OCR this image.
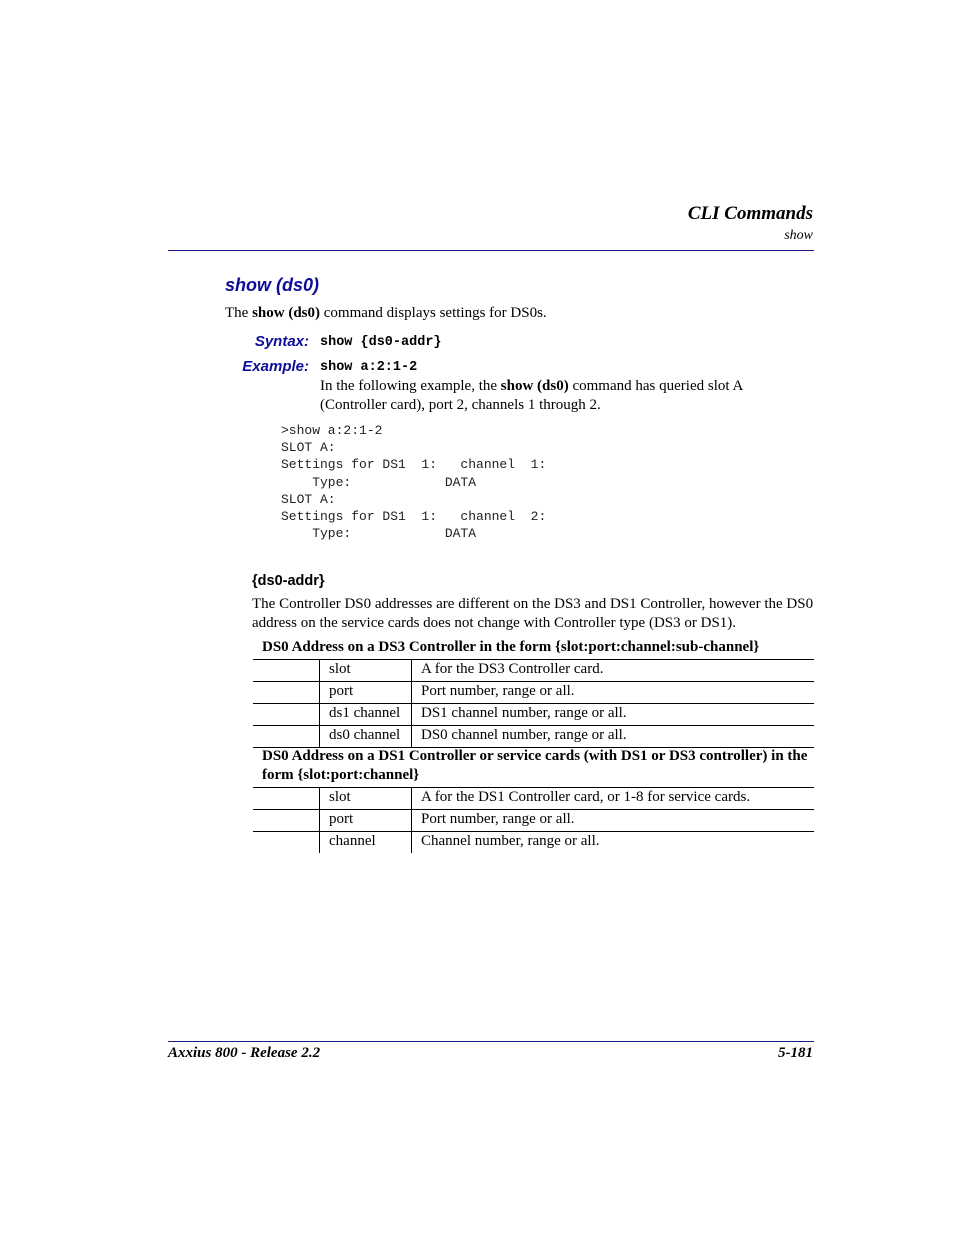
CLI Commands
show
show (ds0)
The show (ds0) command displays settings for DS0s.
Syntax: show {ds0-addr}
Example: show a:2:1-2
In the following example, the show (ds0) command has queried slot A (Controller card), port 2, channels 1 through 2.
>show a:2:1-2
SLOT A:
Settings for DS1  1:   channel  1:
Type:            DATA
SLOT A:
Settings for DS1  1:   channel  2:
Type:            DATA
{ds0-addr}
The Controller DS0 addresses are different on the DS3 and DS1 Controller, however the DS0 address on the service cards does not change with Controller type (DS3 or DS1).
DS0 Address on a DS3 Controller in the form {slot:port:channel:sub-channel}		
	slot	A for the DS3 Controller card.
	port	Port number, range or all.
	ds1 channel	DS1 channel number, range or all.
	ds0 channel	DS0 channel number, range or all.

DS0 Address on a DS1 Controller or service cards (with DS1 or DS3 controller) in the form {slot:port:channel}		
	slot	A for the DS1 Controller card, or 1-8 for service cards.
	port	Port number, range or all.
	channel	Channel number, range or all.
Axxius 800 - Release 2.2	5-181
